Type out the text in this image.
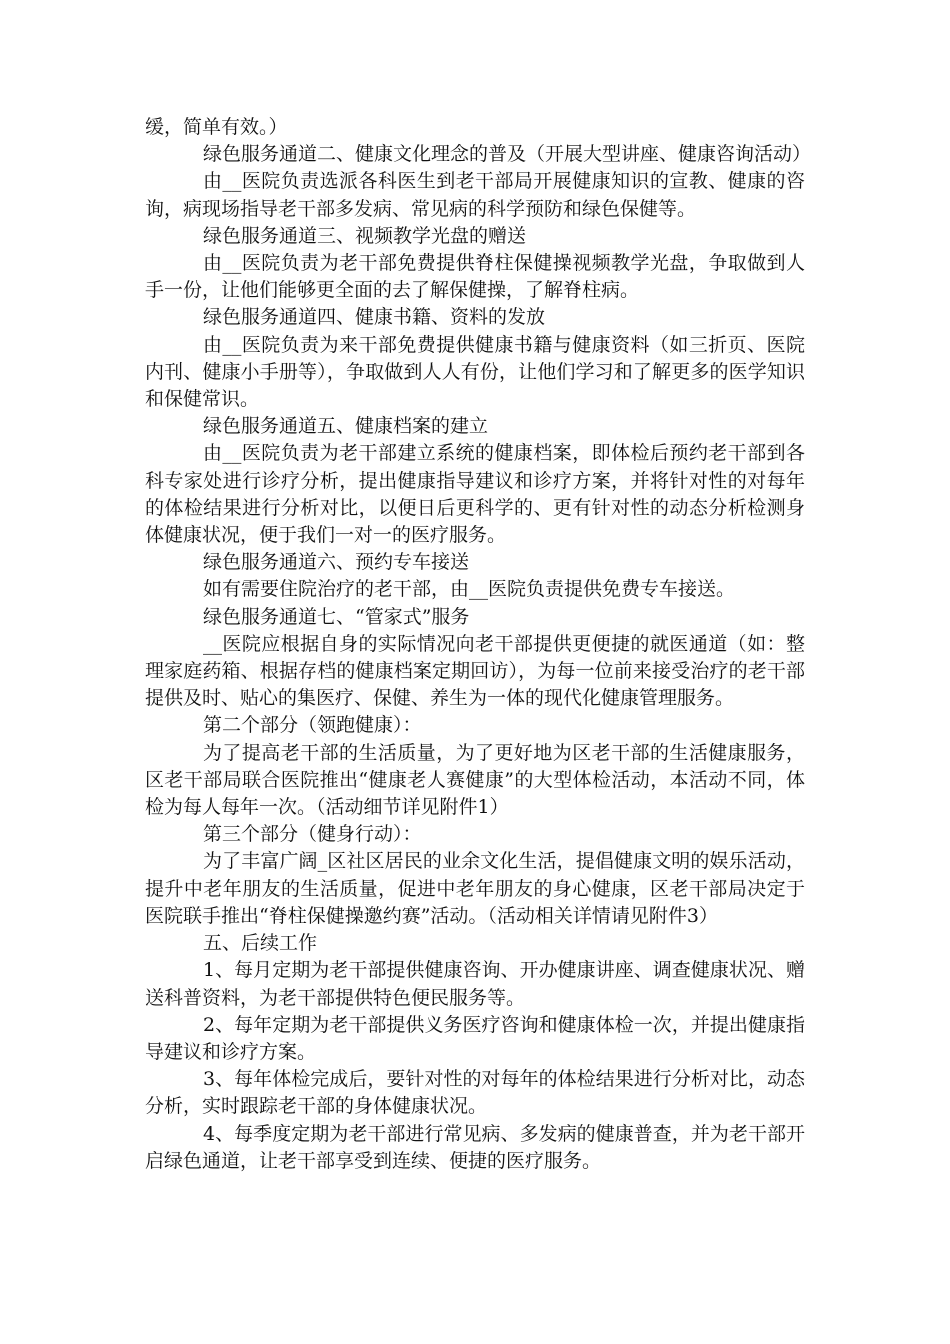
缓，简单有效。）

绿色服务通道二、健康文化理念的普及（开展大型讲座、健康咨询活动）

由__医院负责选派各科医生到老干部局开展健康知识的宣教、健康的咨询，病现场指导老干部多发病、常见病的科学预防和绿色保健等。

绿色服务通道三、视频教学光盘的赠送

由__医院负责为老干部免费提供脊柱保健操视频教学光盘，争取做到人手一份，让他们能够更全面的去了解保健操，了解脊柱病。

绿色服务通道四、健康书籍、资料的发放

由__医院负责为来干部免费提供健康书籍与健康资料（如三折页、医院内刊、健康小手册等），争取做到人人有份，让他们学习和了解更多的医学知识和保健常识。

绿色服务通道五、健康档案的建立

由__医院负责为老干部建立系统的健康档案，即体检后预约老干部到各科专家处进行诊疗分析，提出健康指导建议和诊疗方案，并将针对性的对每年的体检结果进行分析对比，以便日后更科学的、更有针对性的动态分析检测身体健康状况，便于我们一对一的医疗服务。

绿色服务通道六、预约专车接送

如有需要住院治疗的老干部，由__医院负责提供免费专车接送。

绿色服务通道七、“管家式”服务

__医院应根据自身的实际情况向老干部提供更便捷的就医通道（如：整理家庭药箱、根据存档的健康档案定期回访），为每一位前来接受治疗的老干部提供及时、贴心的集医疗、保健、养生为一体的现代化健康管理服务。

第二个部分（领跑健康）：

为了提高老干部的生活质量，为了更好地为区老干部的生活健康服务，区老干部局联合医院推出“健康老人赛健康”的大型体检活动，本活动不同，体检为每人每年一次。（活动细节详见附件1）

第三个部分（健身行动）：

为了丰富广阔_区社区居民的业余文化生活，提倡健康文明的娱乐活动，提升中老年朋友的生活质量，促进中老年朋友的身心健康，区老干部局决定于医院联手推出“脊柱保健操邀约赛”活动。（活动相关详情请见附件3）

五、后续工作

1、每月定期为老干部提供健康咨询、开办健康讲座、调查健康状况、赠送科普资料，为老干部提供特色便民服务等。

2、每年定期为老干部提供义务医疗咨询和健康体检一次，并提出健康指导建议和诊疗方案。

3、每年体检完成后，要针对性的对每年的体检结果进行分析对比，动态分析，实时跟踪老干部的身体健康状况。

4、每季度定期为老干部进行常见病、多发病的健康普查，并为老干部开启绿色通道，让老干部享受到连续、便捷的医疗服务。
